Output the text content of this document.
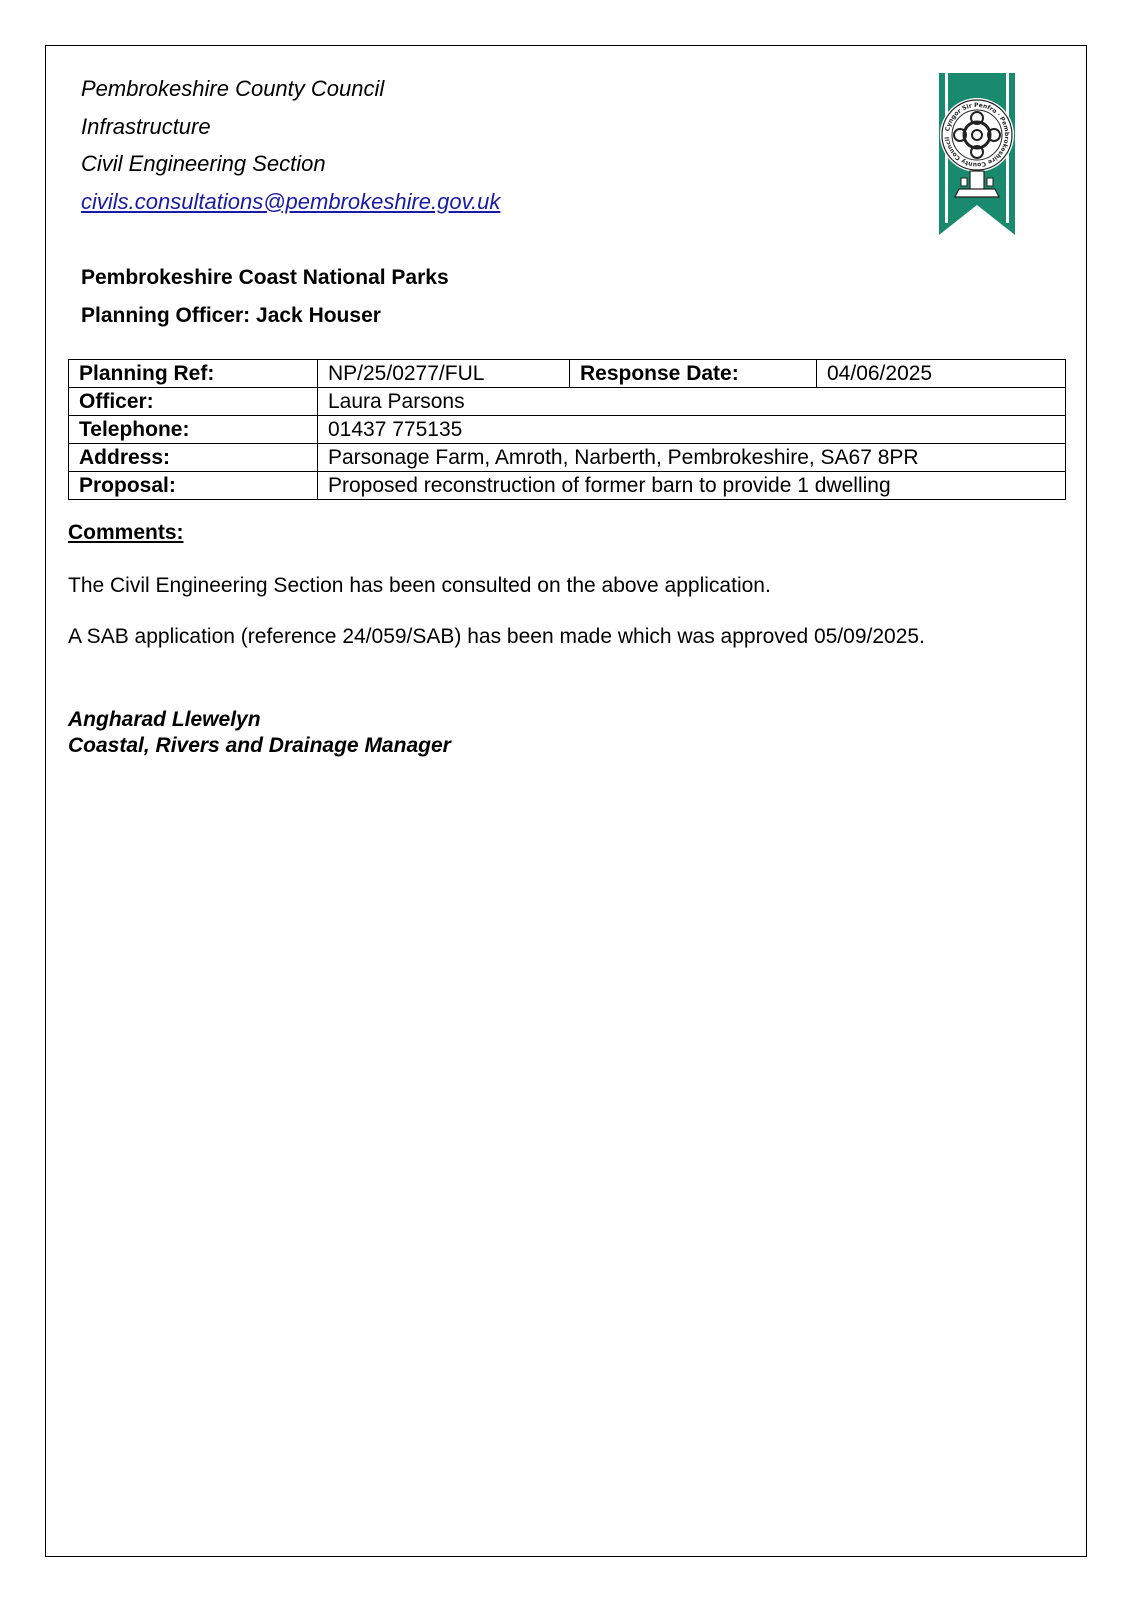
Pembrokeshire County Council
Infrastructure
Civil Engineering Section
civils.consultations@pembrokeshire.gov.uk
Cyngor Sir Penfro · Pembrokeshire County Council
Pembrokeshire Coast National Parks
Planning Officer: Jack Houser
Planning Ref:	NP/25/0277/FUL	Response Date:	04/06/2025
Officer:	Laura Parsons		
Telephone:	01437 775135		
Address:	Parsonage Farm, Amroth, Narberth, Pembrokeshire, SA67 8PR		
Proposal:	Proposed reconstruction of former barn to provide 1 dwelling		
Comments:
The Civil Engineering Section has been consulted on the above application.
A SAB application (reference 24/059/SAB) has been made which was approved 05/09/2025.
Angharad Llewelyn
Coastal, Rivers and Drainage Manager
